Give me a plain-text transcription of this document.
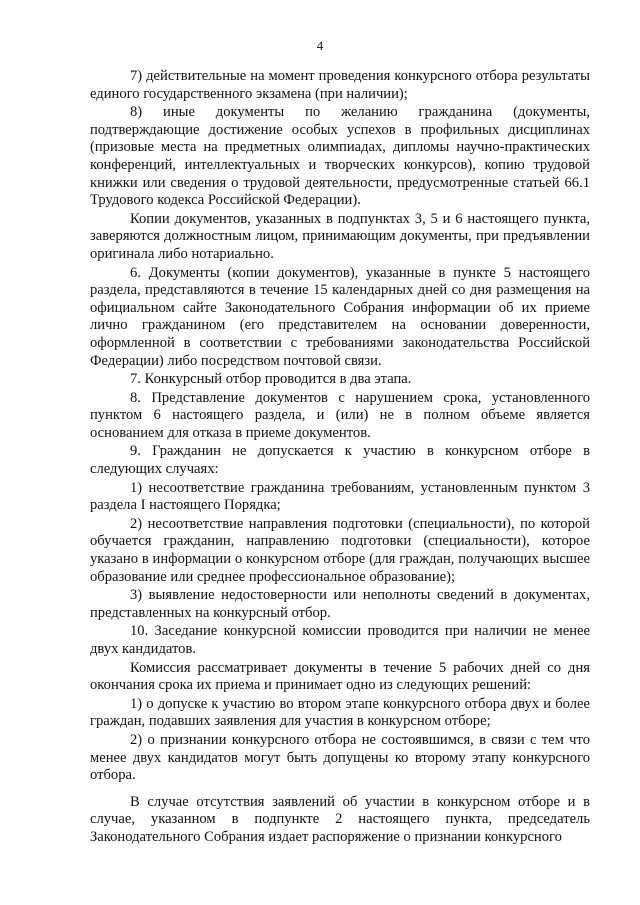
4

7) действительные на момент проведения конкурсного отбора результаты единого государственного экзамена (при наличии);

8) иные документы по желанию гражданина (документы, подтверждающие достижение особых успехов в профильных дисциплинах (призовые места на предметных олимпиадах, дипломы научно-практических конференций, интеллектуальных и творческих конкурсов), копию трудовой книжки или сведения о трудовой деятельности, предусмотренные статьей 66.1 Трудового кодекса Российской Федерации).

Копии документов, указанных в подпунктах 3, 5 и 6 настоящего пункта, заверяются должностным лицом, принимающим документы, при предъявлении оригинала либо нотариально.

6. Документы (копии документов), указанные в пункте 5 настоящего раздела, представляются в течение 15 календарных дней со дня размещения на официальном сайте Законодательного Собрания информации об их приеме лично гражданином (его представителем на основании доверенности, оформленной в соответствии с требованиями законодательства Российской Федерации) либо посредством почтовой связи.

7. Конкурсный отбор проводится в два этапа.

8. Представление документов с нарушением срока, установленного пунктом 6 настоящего раздела, и (или) не в полном объеме является основанием для отказа в приеме документов.

9. Гражданин не допускается к участию в конкурсном отборе в следующих случаях:

1) несоответствие гражданина требованиям, установленным пунктом 3 раздела I настоящего Порядка;

2) несоответствие направления подготовки (специальности), по которой обучается гражданин, направлению подготовки (специальности), которое указано в информации о конкурсном отборе (для граждан, получающих высшее образование или среднее профессиональное образование);

3) выявление недостоверности или неполноты сведений в документах, представленных на конкурсный отбор.

10. Заседание конкурсной комиссии проводится при наличии не менее двух кандидатов.

Комиссия рассматривает документы в течение 5 рабочих дней со дня окончания срока их приема и принимает одно из следующих решений:

1) о допуске к участию во втором этапе конкурсного отбора двух и более граждан, подавших заявления для участия в конкурсном отборе;

2) о признании конкурсного отбора не состоявшимся, в связи с тем что менее двух кандидатов могут быть допущены ко второму этапу конкурсного отбора.

В случае отсутствия заявлений об участии в конкурсном отборе и в случае, указанном в подпункте 2 настоящего пункта, председатель Законодательного Собрания издает распоряжение о признании конкурсного
